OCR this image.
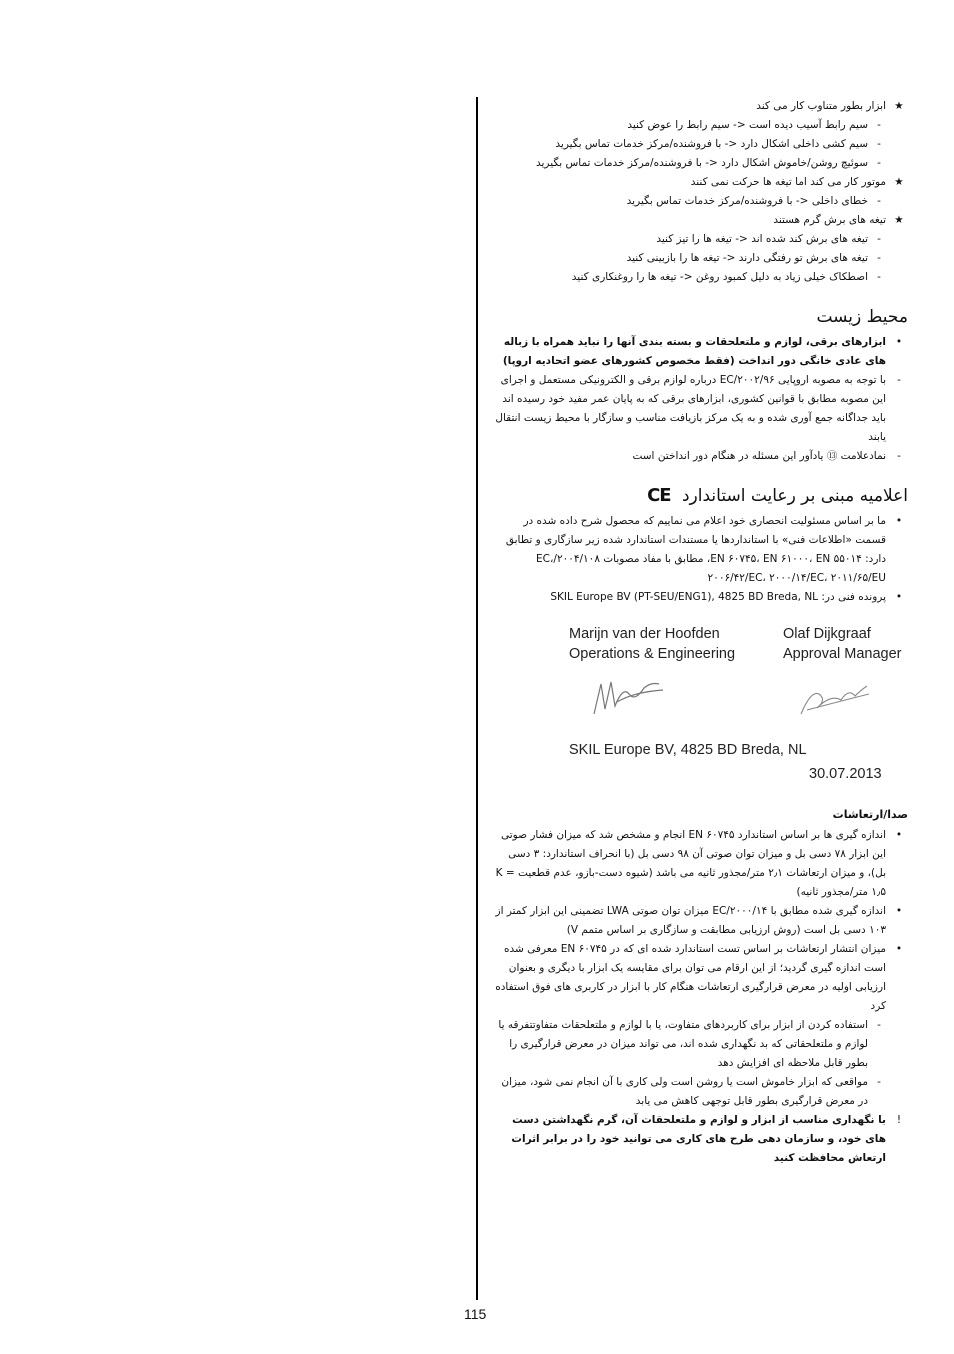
★
ابزار بطور متناوب کار می کند
-
سیم رابط آسیب دیده است <- سیم رابط را عوض کنید
-
سیم کشی داخلی اشکال دارد <- با فروشنده/مرکز خدمات تماس بگیرید
-
سوئیچ روشن/خاموش اشکال دارد <- با فروشنده/مرکز خدمات تماس بگیرید
★
موتور کار می کند اما تیغه ها حرکت نمی کنند
-
خطای داخلی <- با فروشنده/مرکز خدمات تماس بگیرید
★
تیغه های برش گرم هستند
-
تیغه های برش کند شده اند <- تیغه ها را تیز کنید
-
تیغه های برش تو رفتگی دارند <- تیغه ها را بازبینی کنید
-
اصطکاک خیلی زیاد به دلیل کمبود روغن <- تیغه ها را روغنکاری کنید
محیط زیست
•
ابزارهای برقی، لوازم و ملتعلحقات و بسته بندی آنها را نباید همراه با زباله های عادی خانگی دور انداخت (فقط مخصوص کشورهای عضو اتحادیه اروپا)
-
با توجه به مصوبه اروپایی ۲۰۰۲/۹۶/EC درباره لوازم برقی و الکترونیکی مستعمل و اجرای این مصوبه مطابق با قوانین کشوری، ابزارهای برقی که به پایان عمر مفید خود رسیده اند باید جداگانه جمع آوری شده و به یک مرکز بازیافت مناسب و سازگار با محیط زیست انتقال یابند
-
نمادعلامت ⑬ یادآور این مسئله در هنگام دور انداختن است
اعلامیه مبنی بر رعایت استاندارد CE
•
ما بر اساس مسئولیت انحصاری خود اعلام می نماییم که محصول شرح داده شده در قسمت «اطلاعات فنی» با استانداردها یا مستندات استاندارد شده زیر سازگاری و تطابق دارد: EN ۶۰۷۴۵، EN ۶۱۰۰۰، EN ۵۵۰۱۴، مطابق با مفاد مصوبات ۲۰۰۴/۱۰۸/EC، ۲۰۰۶/۴۲/EC، ۲۰۰۰/۱۴/EC، ۲۰۱۱/۶۵/EU
•
پرونده فنی در: SKIL Europe BV (PT-SEU/ENG1), 4825 BD Breda, NL
صدا/ارتعاشات
•
اندازه گیری ها بر اساس استاندارد EN ۶۰۷۴۵ انجام و مشخص شد که میزان فشار صوتی این ابزار ۷۸ دسی بل و میزان توان صوتی آن ۹۸ دسی بل (با انحراف استاندارد: ۳ دسی بل)، و میزان ارتعاشات ۲٫۱ متر/مجذور ثانیه می باشد (شیوه دست-بازو، عدم قطعیت K = ۱٫۵ متر/مجذور ثانیه)
•
اندازه گیری شده مطابق با ۲۰۰۰/۱۴/EC میزان توان صوتی LWA تضمینی این ابزار کمتر از ۱۰۳ دسی بل است (روش ارزیابی مطابقت و سازگاری بر اساس متمم V)
•
میزان انتشار ارتعاشات بر اساس تست استاندارد شده ای که در EN ۶۰۷۴۵ معرفی شده است اندازه گیری گردید؛ از این ارقام می توان برای مقایسه یک ابزار با دیگری و بعنوان ارزیابی اولیه در معرض قرارگیری ارتعاشات هنگام کار با ابزار در کاربری های فوق استفاده کرد
-
استفاده کردن از ابزار برای کاربردهای متفاوت، یا با لوازم و ملتعلحقات متفاوتتفرقه یا لوازم و ملتعلحقاتی که بد نگهداری شده اند، می تواند میزان در معرض قرارگیری را بطور قابل ملاحظه ای افزایش دهد
-
مواقعی که ابزار خاموش است یا روشن است ولی کاری با آن انجام نمی شود، میزان در معرض قرارگیری بطور قابل توجهی کاهش می یابد
!
با نگهداری مناسب از ابزار و لوازم و ملتعلحقات آن، گرم نگهداشتن دست های خود، و سازمان دهی طرح های کاری می توانید خود را در برابر اثرات ارتعاش محافظت کنید
Marijn van der Hoofden
Operations & Engineering
Olaf Dijkgraaf
Approval Manager
SKIL Europe BV, 4825 BD Breda, NL
30.07.2013
115
